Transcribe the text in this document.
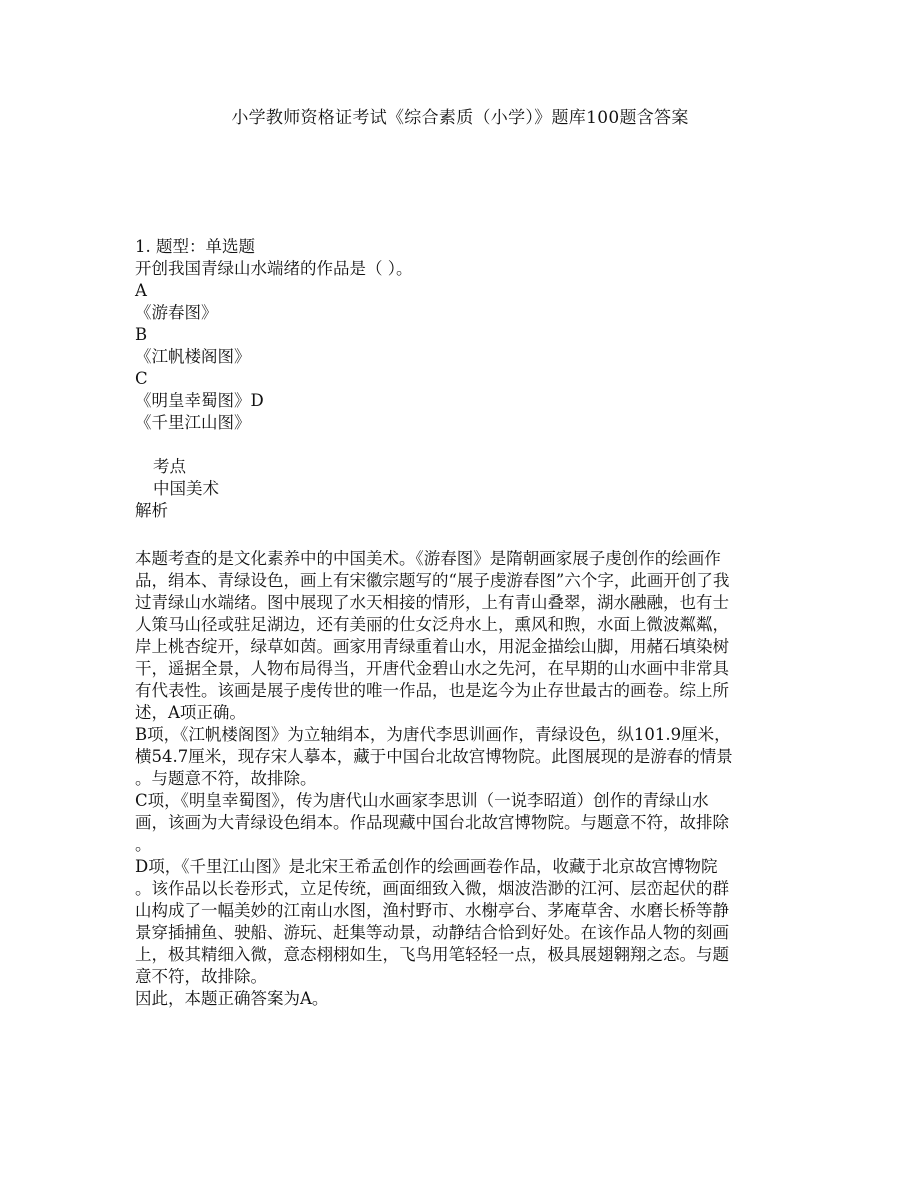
小学教师资格证考试《综合素质（小学）》题库100题含答案
1. 题型：单选题
开创我国青绿山水端绪的作品是（ ）。
A
《游春图》
B
《江帆楼阁图》
C
《明皇幸蜀图》D
《千里江山图》

考点
中国美术
解析
本题考查的是文化素养中的中国美术。《游春图》是隋朝画家展子虔创作的绘画作
品，绢本、青绿设色，画上有宋徽宗题写的“展子虔游春图”六个字，此画开创了我
过青绿山水端绪。图中展现了水天相接的情形，上有青山叠翠，湖水融融，也有士
人策马山径或驻足湖边，还有美丽的仕女泛舟水上，熏风和煦，水面上微波粼粼，
岸上桃杏绽开，绿草如茵。画家用青绿重着山水，用泥金描绘山脚，用赭石填染树
干，遥据全景，人物布局得当，开唐代金碧山水之先河，在早期的山水画中非常具
有代表性。该画是展子虔传世的唯一作品，也是迄今为止存世最古的画卷。综上所
述，A项正确。
B项，《江帆楼阁图》为立轴绢本，为唐代李思训画作，青绿设色，纵101.9厘米，
横54.7厘米，现存宋人摹本，藏于中国台北故宫博物院。此图展现的是游春的情景
。与题意不符，故排除。
C项，《明皇幸蜀图》，传为唐代山水画家李思训（一说李昭道）创作的青绿山水
画，该画为大青绿设色绢本。作品现藏中国台北故宫博物院。与题意不符，故排除
。
D项，《千里江山图》是北宋王希孟创作的绘画画卷作品，收藏于北京故宫博物院
。该作品以长卷形式，立足传统，画面细致入微，烟波浩渺的江河、层峦起伏的群
山构成了一幅美妙的江南山水图，渔村野市、水榭亭台、茅庵草舍、水磨长桥等静
景穿插捕鱼、驶船、游玩、赶集等动景，动静结合恰到好处。在该作品人物的刻画
上，极其精细入微，意态栩栩如生，飞鸟用笔轻轻一点，极具展翅翱翔之态。与题
意不符，故排除。
因此，本题正确答案为A。
